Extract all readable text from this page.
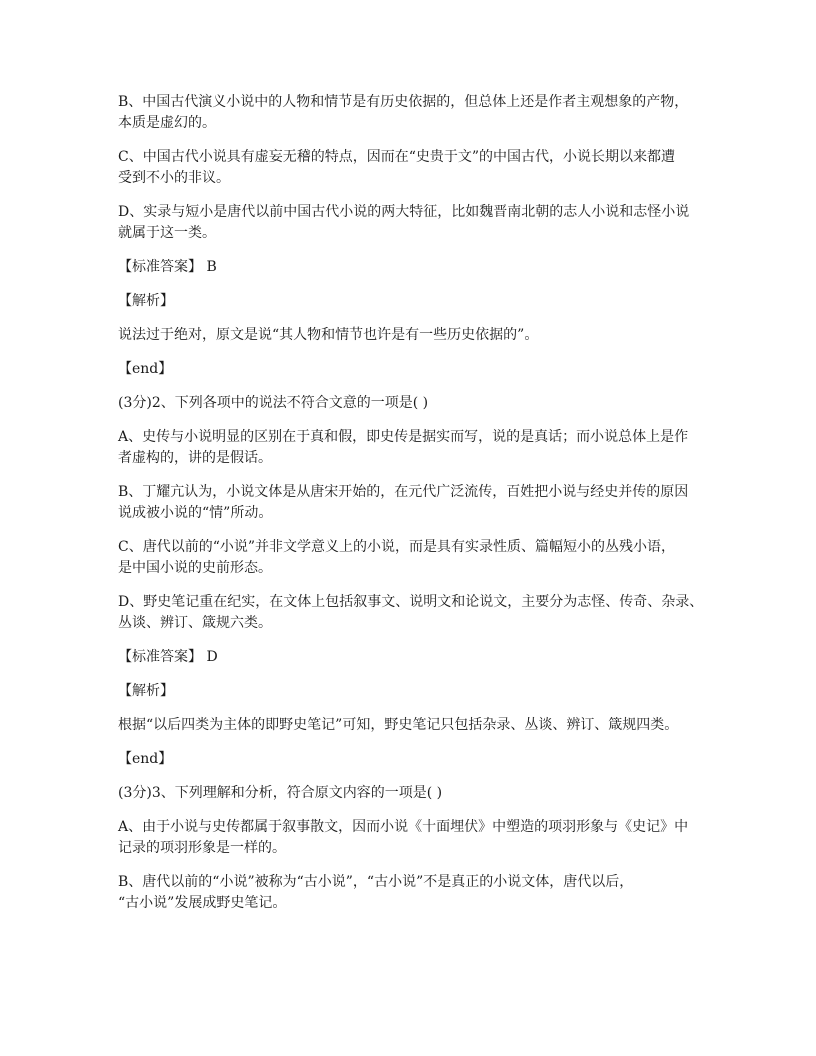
B、中国古代演义小说中的人物和情节是有历史依据的，但总体上还是作者主观想象的产物，
本质是虚幻的。
C、中国古代小说具有虚妄无稽的特点，因而在“史贵于文”的中国古代，小说长期以来都遭
受到不小的非议。
D、实录与短小是唐代以前中国古代小说的两大特征，比如魏晋南北朝的志人小说和志怪小说
就属于这一类。
【标准答案】 B
【解析】
说法过于绝对，原文是说“其人物和情节也许是有一些历史依据的”。
【end】
(3分)2、下列各项中的说法不符合文意的一项是( )
A、史传与小说明显的区别在于真和假，即史传是据实而写，说的是真话；而小说总体上是作
者虚构的，讲的是假话。
B、丁耀亢认为，小说文体是从唐宋开始的，在元代广泛流传，百姓把小说与经史并传的原因
说成被小说的“情”所动。
C、唐代以前的“小说”并非文学意义上的小说，而是具有实录性质、篇幅短小的丛残小语，
是中国小说的史前形态。
D、野史笔记重在纪实，在文体上包括叙事文、说明文和论说文，主要分为志怪、传奇、杂录、
丛谈、辨订、箴规六类。
【标准答案】 D
【解析】
根据“以后四类为主体的即野史笔记”可知，野史笔记只包括杂录、丛谈、辨订、箴规四类。
【end】
(3分)3、下列理解和分析，符合原文内容的一项是( )
A、由于小说与史传都属于叙事散文，因而小说《十面埋伏》中塑造的项羽形象与《史记》中
记录的项羽形象是一样的。
B、唐代以前的“小说”被称为“古小说”，“古小说”不是真正的小说文体，唐代以后，
“古小说”发展成野史笔记。
